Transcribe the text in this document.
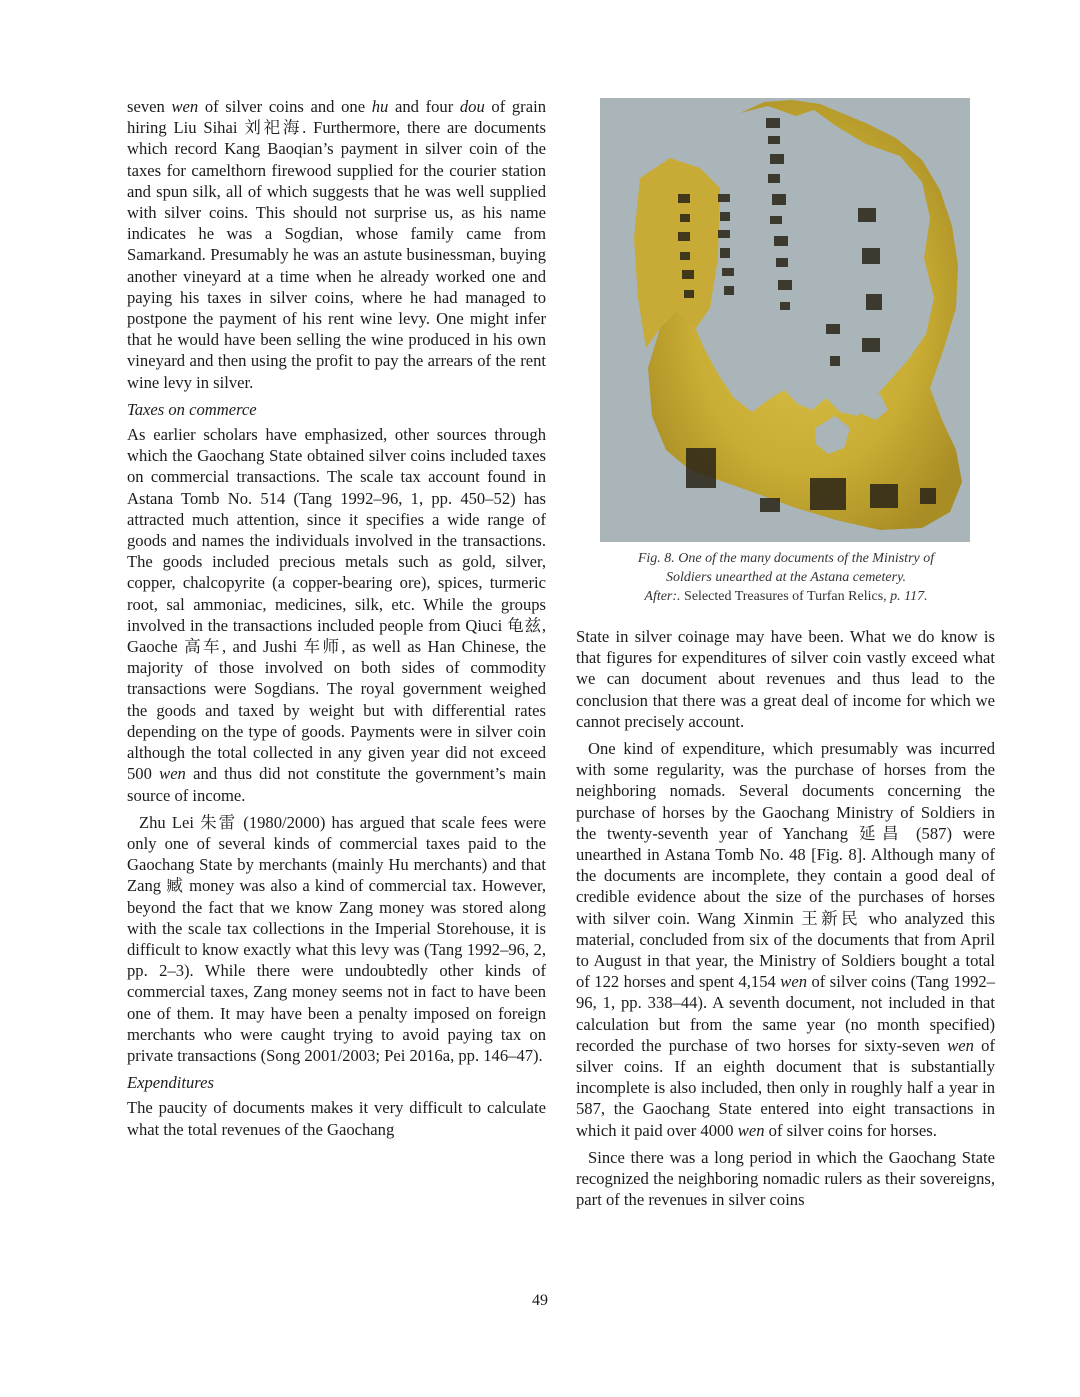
seven wen of silver coins and one hu and four dou of grain hiring Liu Sihai 刘祀海. Furthermore, there are documents which record Kang Baoqian’s payment in silver coin of the taxes for camelthorn firewood supplied for the courier station and spun silk, all of which suggests that he was well supplied with silver coins. This should not surprise us, as his name indicates he was a Sogdian, whose family came from Samarkand. Presumably he was an astute businessman, buying another vineyard at a time when he already worked one and paying his taxes in silver coins, where he had managed to postpone the payment of his rent wine levy. One might infer that he would have been selling the wine produced in his own vineyard and then using the profit to pay the arrears of the rent wine levy in silver.

Taxes on commerce

As earlier scholars have emphasized, other sources through which the Gaochang State obtained silver coins included taxes on commercial transactions. The scale tax account found in Astana Tomb No. 514 (Tang 1992–96, 1, pp. 450–52) has attracted much attention, since it specifies a wide range of goods and names the individuals involved in the transactions. The goods included precious metals such as gold, silver, copper, chalcopyrite (a copper-bearing ore), spices, turmeric root, sal ammoniac, medicines, silk, etc. While the groups involved in the transactions included people from Qiuci 龟兹, Gaoche 高车, and Jushi 车师, as well as Han Chinese, the majority of those involved on both sides of commodity transactions were Sogdians. The royal government weighed the goods and taxed by weight but with differential rates depending on the type of goods. Payments were in silver coin although the total collected in any given year did not exceed 500 wen and thus did not constitute the government’s main source of income.

Zhu Lei 朱雷 (1980/2000) has argued that scale fees were only one of several kinds of commercial taxes paid to the Gaochang State by merchants (mainly Hu merchants) and that Zang 臧 money was also a kind of commercial tax. However, beyond the fact that we know Zang money was stored along with the scale tax collections in the Imperial Storehouse, it is difficult to know exactly what this levy was (Tang 1992–96, 2, pp. 2–3). While there were undoubtedly other kinds of commercial taxes, Zang money seems not in fact to have been one of them. It may have been a penalty imposed on foreign merchants who were caught trying to avoid paying tax on private transactions (Song 2001/2003; Pei 2016a, pp. 146–47).

Expenditures

The paucity of documents makes it very difficult to calculate what the total revenues of the Gaochang

Fig. 8. One of the many documents of the Ministry of
Soldiers unearthed at the Astana cemetery.
After:. Selected Treasures of Turfan Relics, p. 117.

State in silver coinage may have been. What we do know is that figures for expenditures of silver coin vastly exceed what we can document about revenues and thus lead to the conclusion that there was a great deal of income for which we cannot precisely account.

One kind of expenditure, which presumably was incurred with some regularity, was the purchase of horses from the neighboring nomads. Several documents concerning the purchase of horses by the Gaochang Ministry of Soldiers in the twenty-seventh year of Yanchang 延昌 (587) were unearthed in Astana Tomb No. 48 [Fig. 8]. Although many of the documents are incomplete, they contain a good deal of credible evidence about the size of the purchases of horses with silver coin. Wang Xinmin 王新民 who analyzed this material, concluded from six of the documents that from April to August in that year, the Ministry of Soldiers bought a total of 122 horses and spent 4,154 wen of silver coins (Tang 1992–96, 1, pp. 338–44). A seventh document, not included in that calculation but from the same year (no month specified) recorded the purchase of two horses for sixty-seven wen of silver coins. If an eighth document that is substantially incomplete is also included, then only in roughly half a year in 587, the Gaochang State entered into eight transactions in which it paid over 4000 wen of silver coins for horses.

Since there was a long period in which the Gaochang State recognized the neighboring nomadic rulers as their sovereigns, part of the revenues in silver coins

49
